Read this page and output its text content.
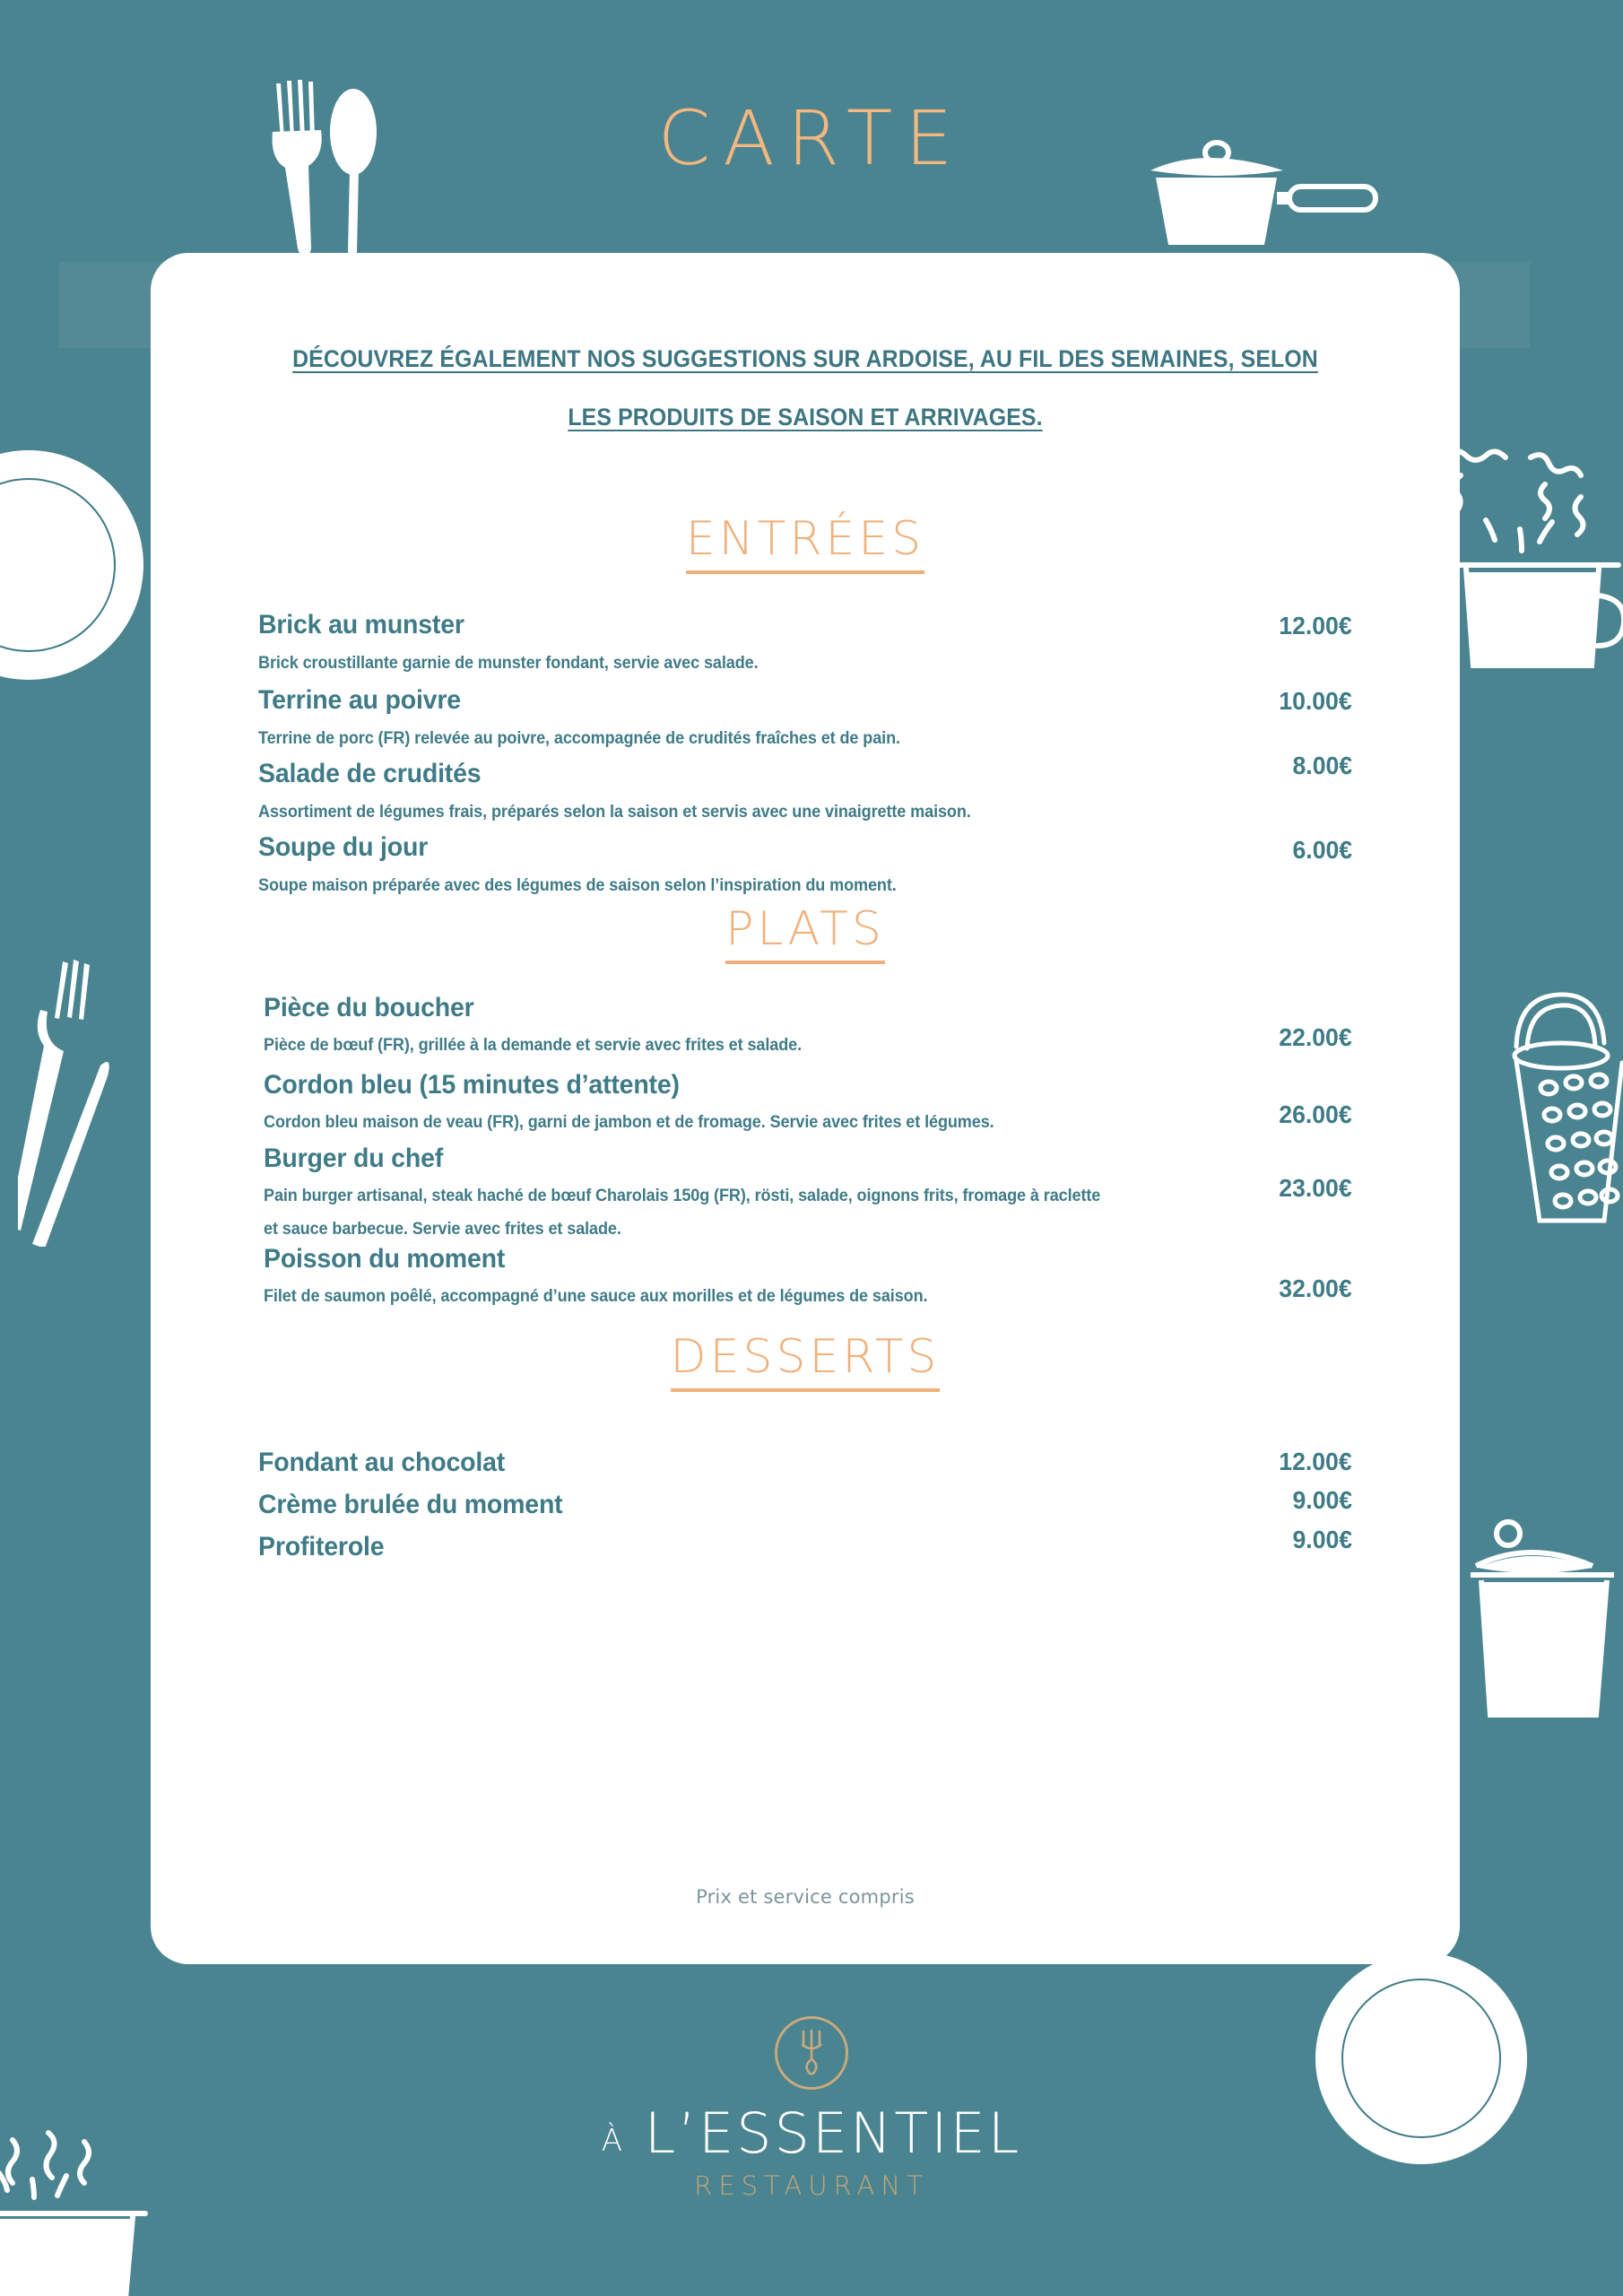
CARTE
DÉCOUVREZ ÉGALEMENT NOS SUGGESTIONS SUR ARDOISE, AU FIL DES SEMAINES, SELON
LES PRODUITS DE SAISON ET ARRIVAGES.
ENTRÉES
Brick au munster
Brick croustillante garnie de munster fondant, servie avec salade.
12.00€
Terrine au poivre
Terrine de porc (FR) relevée au poivre, accompagnée de crudités fraîches et de pain.
10.00€
Salade de crudités
Assortiment de légumes frais, préparés selon la saison et servis avec une vinaigrette maison.
8.00€
Soupe du jour
Soupe maison préparée avec des légumes de saison selon l’inspiration du moment.
6.00€
PLATS
Pièce du boucher
Pièce de bœuf (FR), grillée à la demande et servie avec frites et salade.	22.00€
Cordon bleu (15 minutes d’attente)
Cordon bleu maison de veau (FR), garni de jambon et de fromage. Servie avec frites et légumes.	26.00€
Burger du chef
Pain burger artisanal, steak haché de bœuf Charolais 150g (FR), rösti, salade, oignons frits, fromage à raclette et sauce barbecue. Servie avec frites et salade.
23.00€
Poisson du moment
Filet de saumon poêlé, accompagné d’une sauce aux morilles et de légumes de saison.	32.00€
DESSERTS
Fondant au chocolat	12.00€
Crème brulée du moment	9.00€
Profiterole	9.00€
Prix et service compris
À L’ESSENTIEL
RESTAURANT
